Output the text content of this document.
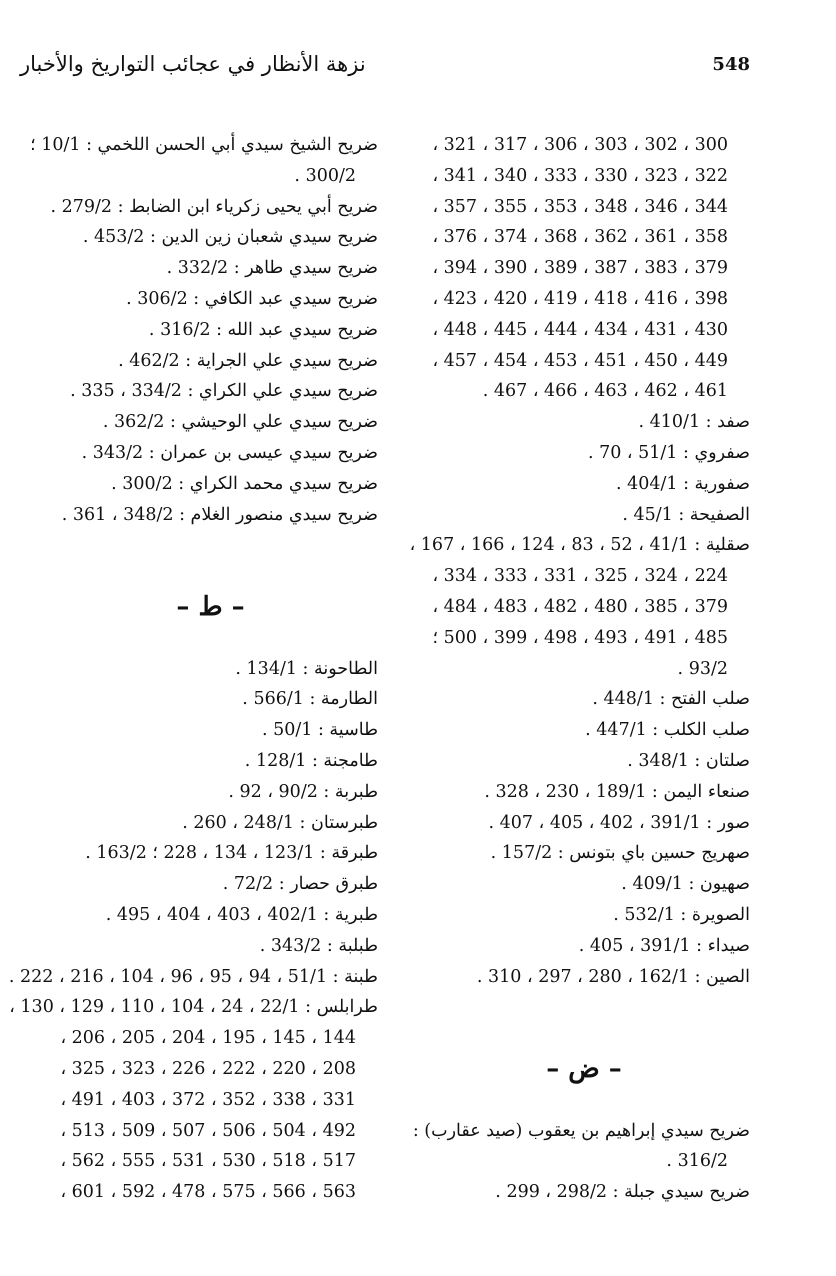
نزهة الأنظار في عجائب التواريخ والأخبار	548
300 ، 302 ، 303 ، 306 ، 317 ، 321 ،
322 ، 323 ، 330 ، 333 ، 340 ، 341 ،
344 ، 346 ، 348 ، 353 ، 355 ، 357 ،
358 ، 361 ، 362 ، 368 ، 374 ، 376 ،
379 ، 383 ، 387 ، 389 ، 390 ، 394 ،
398 ، 416 ، 418 ، 419 ، 420 ، 423 ،
430 ، 431 ، 434 ، 444 ، 445 ، 448 ،
449 ، 450 ، 451 ، 453 ، 454 ، 457 ،
461 ، 462 ، 463 ، 466 ، 467 .
صفد : 410/1 .
صفروي : 51/1 ، 70 .
صفورية : 404/1 .
الصفيحة : 45/1 .
صقلية : 41/1 ، 52 ، 83 ، 124 ، 166 ، 167 ،
224 ، 324 ، 325 ، 331 ، 333 ، 334 ،
379 ، 385 ، 480 ، 482 ، 483 ، 484 ،
485 ، 491 ، 493 ، 498 ، 399 ، 500 ؛
93/2 .
صلب الفتح : 448/1 .
صلب الكلب : 447/1 .
صلتان : 348/1 .
صنعاء اليمن : 189/1 ، 230 ، 328 .
صور : 391/1 ، 402 ، 405 ، 407 .
صهريج حسين باي بتونس : 157/2 .
صهيون : 409/1 .
الصويرة : 532/1 .
صيداء : 391/1 ، 405 .
الصين : 162/1 ، 280 ، 297 ، 310 .
– ض –
ضريح سيدي إبراهيم بن يعقوب (صيد عقارب) :
316/2 .
ضريح سيدي جبلة : 298/2 ، 299 .
ضريح الشيخ سيدي أبي الحسن اللخمي : 10/1 ؛
300/2 .
ضريح أبي يحيى زكرياء ابن الضابط : 279/2 .
ضريح سيدي شعبان زين الدين : 453/2 .
ضريح سيدي طاهر : 332/2 .
ضريح سيدي عبد الكافي : 306/2 .
ضريح سيدي عبد الله : 316/2 .
ضريح سيدي علي الجراية : 462/2 .
ضريح سيدي علي الكراي : 334/2 ، 335 .
ضريح سيدي علي الوحيشي : 362/2 .
ضريح سيدي عيسى بن عمران : 343/2 .
ضريح سيدي محمد الكراي : 300/2 .
ضريح سيدي منصور الغلام : 348/2 ، 361 .
– ط –
الطاحونة : 134/1 .
الطارمة : 566/1 .
طاسية : 50/1 .
طامجنة : 128/1 .
طبربة : 90/2 ، 92 .
طبرستان : 248/1 ، 260 .
طبرقة : 123/1 ، 134 ، 228 ؛ 163/2 .
طبرق حصار : 72/2 .
طبرية : 402/1 ، 403 ، 404 ، 495 .
طبلبة : 343/2 .
طبنة : 51/1 ، 94 ، 95 ، 96 ، 104 ، 216 ، 222 .
طرابلس : 22/1 ، 24 ، 104 ، 110 ، 129 ، 130 ،
144 ، 145 ، 195 ، 204 ، 205 ، 206 ،
208 ، 220 ، 222 ، 226 ، 323 ، 325 ،
331 ، 338 ، 352 ، 372 ، 403 ، 491 ،
492 ، 504 ، 506 ، 507 ، 509 ، 513 ،
517 ، 518 ، 530 ، 531 ، 555 ، 562 ،
563 ، 566 ، 575 ، 478 ، 592 ، 601 ،
